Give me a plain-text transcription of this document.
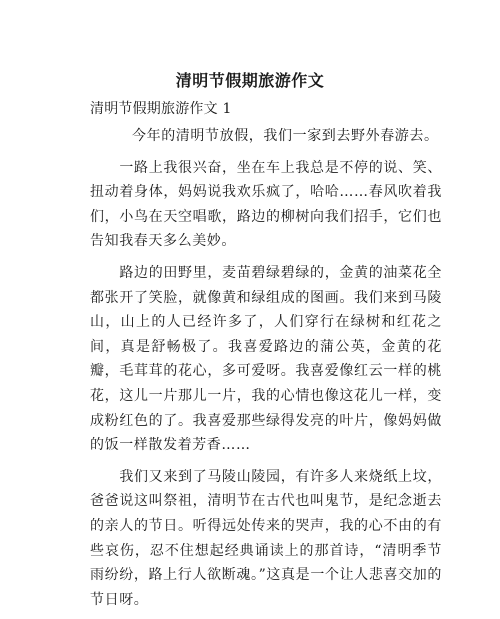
清明节假期旅游作文
清明节假期旅游作文 1

今年的清明节放假，我们一家到去野外春游去。

一路上我很兴奋，坐在车上我总是不停的说、笑、扭动着身体，妈妈说我欢乐疯了，哈哈……春风吹着我们，小鸟在天空唱歌，路边的柳树向我们招手，它们也告知我春天多么美妙。

路边的田野里，麦苗碧绿碧绿的，金黄的油菜花全都张开了笑脸，就像黄和绿组成的图画。我们来到马陵山，山上的人已经许多了，人们穿行在绿树和红花之间，真是舒畅极了。我喜爱路边的蒲公英，金黄的花瓣，毛茸茸的花心，多可爱呀。我喜爱像红云一样的桃花，这儿一片那儿一片，我的心情也像这花儿一样，变成粉红色的了。我喜爱那些绿得发亮的叶片，像妈妈做的饭一样散发着芳香……

我们又来到了马陵山陵园，有许多人来烧纸上坟，爸爸说这叫祭祖，清明节在古代也叫鬼节，是纪念逝去的亲人的节日。听得远处传来的哭声，我的心不由的有些哀伤，忍不住想起经典诵读上的那首诗，“清明季节雨纷纷，路上行人欲断魂。”这真是一个让人悲喜交加的节日呀。
